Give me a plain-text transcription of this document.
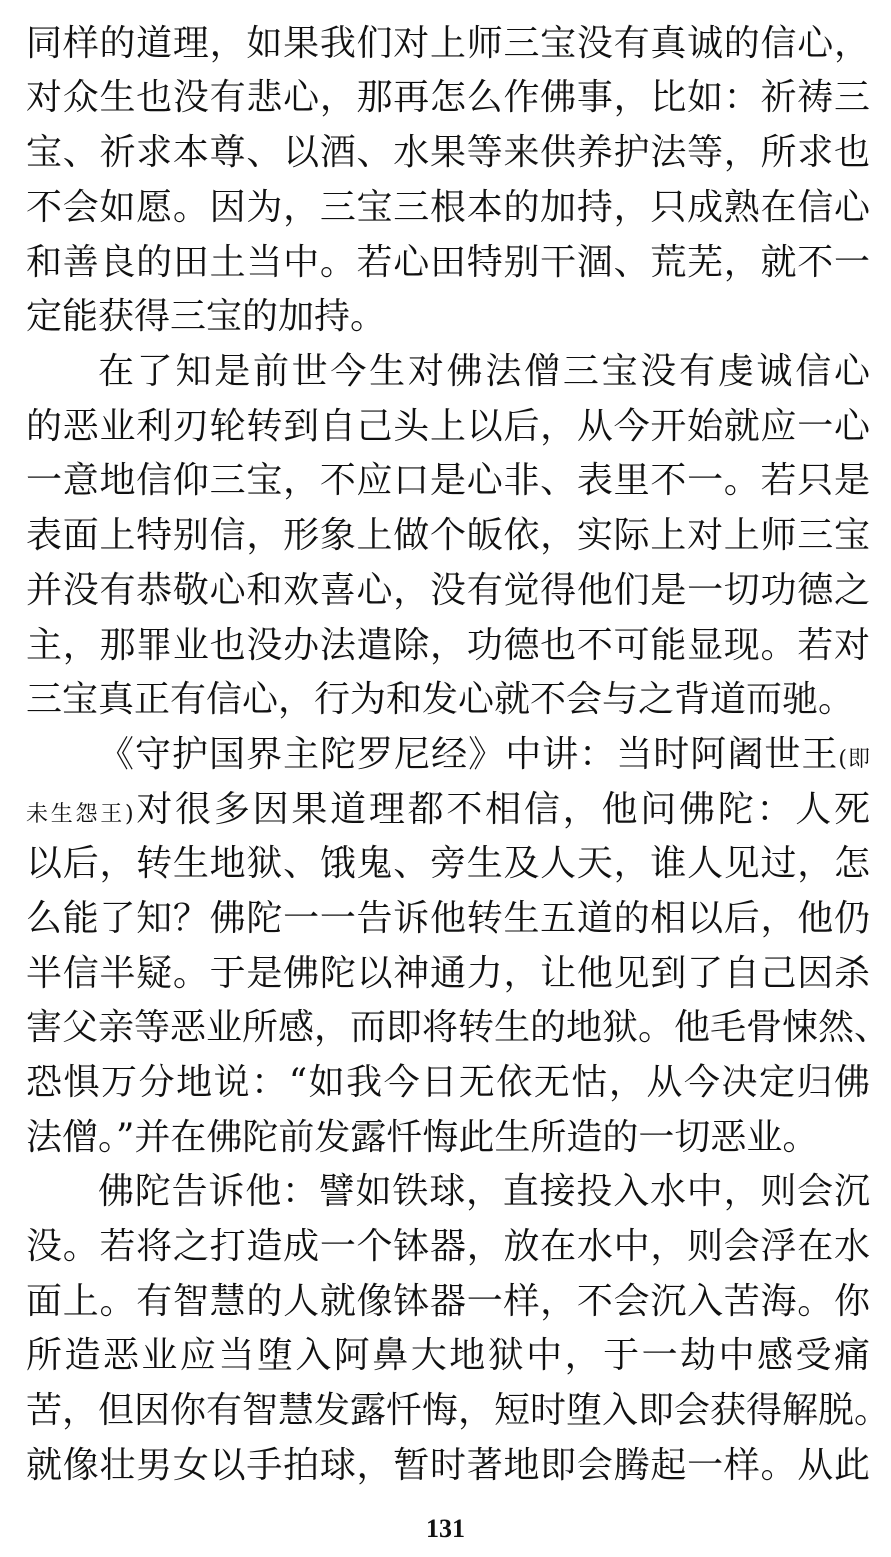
同样的道理，如果我们对上师三宝没有真诚的信心，
对众生也没有悲心，那再怎么作佛事，比如：祈祷三
宝、祈求本尊、以酒、水果等来供养护法等，所求也
不会如愿。因为，三宝三根本的加持，只成熟在信心
和善良的田土当中。若心田特别干涸、荒芜，就不一
定能获得三宝的加持。
在了知是前世今生对佛法僧三宝没有虔诚信心
的恶业利刃轮转到自己头上以后，从今开始就应一心
一意地信仰三宝，不应口是心非、表里不一。若只是
表面上特别信，形象上做个皈依，实际上对上师三宝
并没有恭敬心和欢喜心，没有觉得他们是一切功德之
主，那罪业也没办法遣除，功德也不可能显现。若对
三宝真正有信心，行为和发心就不会与之背道而驰。
《守护国界主陀罗尼经》中讲：当时阿阇世王(即
未生怨王)对很多因果道理都不相信，他问佛陀：人死
以后，转生地狱、饿鬼、旁生及人天，谁人见过，怎
么能了知？佛陀一一告诉他转生五道的相以后，他仍
半信半疑。于是佛陀以神通力，让他见到了自己因杀
害父亲等恶业所感，而即将转生的地狱。他毛骨悚然、
恐惧万分地说：“如我今日无依无怙，从今决定归佛
法僧。”并在佛陀前发露忏悔此生所造的一切恶业。
佛陀告诉他：譬如铁球，直接投入水中，则会沉
没。若将之打造成一个钵器，放在水中，则会浮在水
面上。有智慧的人就像钵器一样，不会沉入苦海。你
所造恶业应当堕入阿鼻大地狱中，于一劫中感受痛
苦，但因你有智慧发露忏悔，短时堕入即会获得解脱。
就像壮男女以手拍球，暂时著地即会腾起一样。从此
131
